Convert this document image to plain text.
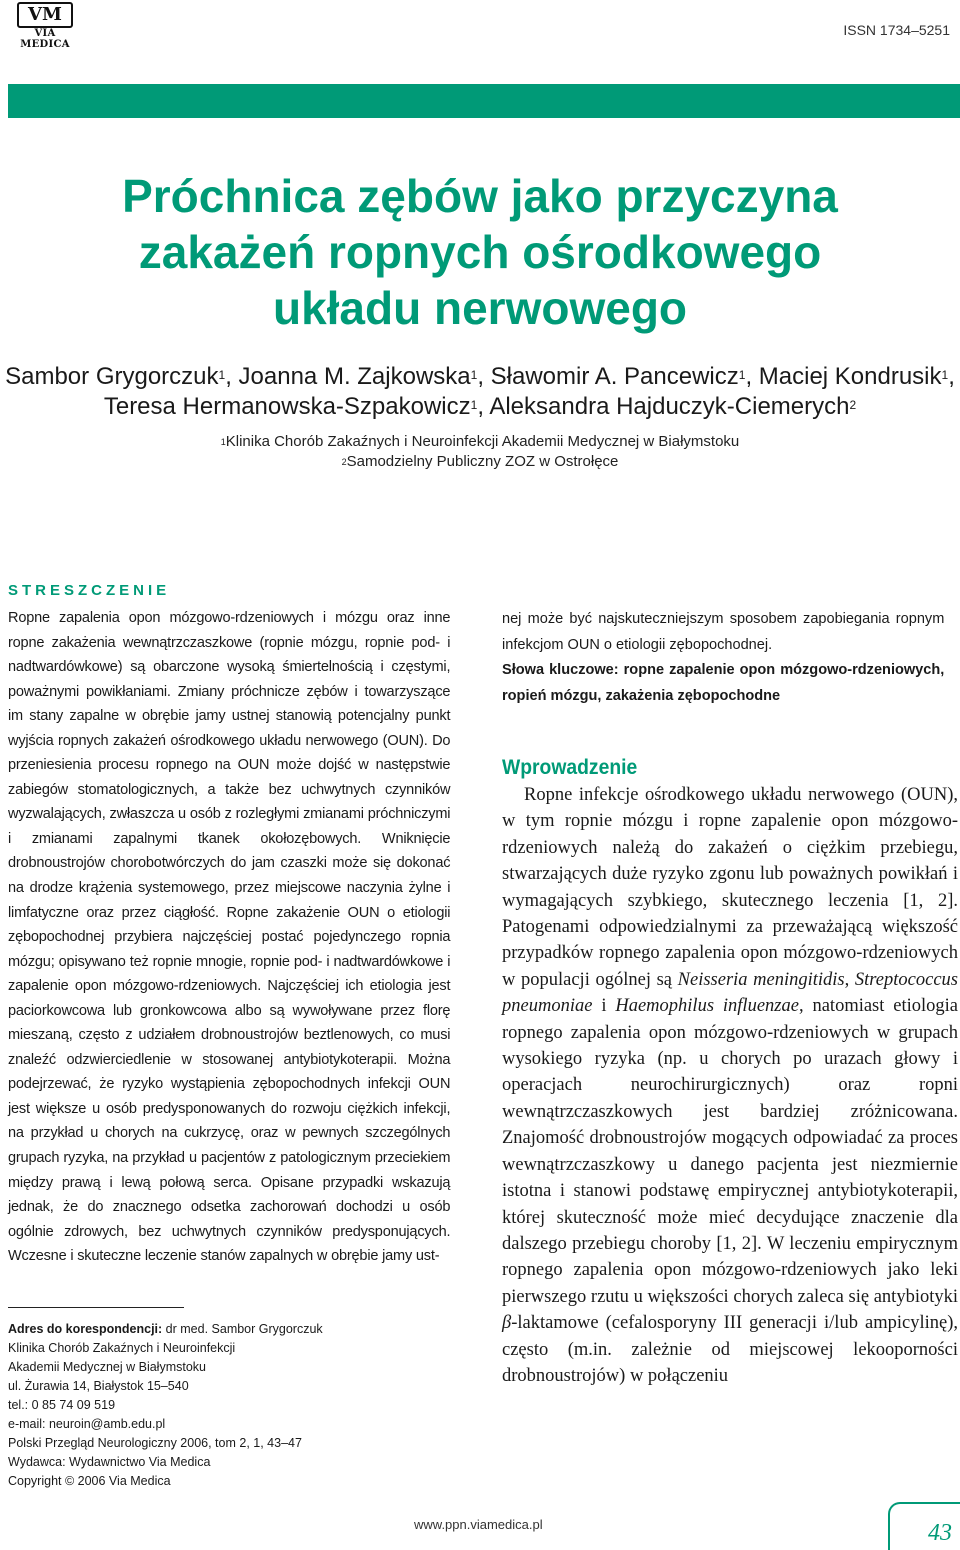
VM
VIA MEDICA
ISSN 1734–5251
Próchnica zębów jako przyczyna
zakażeń ropnych ośrodkowego
układu nerwowego
Sambor Grygorczuk$^1$, Joanna M. Zajkowska$^1$, Sławomir A. Pancewicz$^1$, Maciej Kondrusik$^1$,
Teresa Hermanowska-Szpakowicz$^1$, Aleksandra Hajduczyk-Ciemerych$^2$
$^1$Klinika Chorób Zakaźnych i Neuroinfekcji Akademii Medycznej w Białymstoku
$^2$Samodzielny Publiczny ZOZ w Ostrołęce
STRESZCZENIE
Ropne zapalenia opon mózgowo-rdzeniowych i mózgu oraz inne ropne zakażenia wewnątrzczaszkowe (ropnie mózgu, ropnie pod- i nadtwardówkowe) są obarczone wysoką śmiertelnością i częstymi, poważnymi powikłaniami. Zmiany próchnicze zębów i towarzyszące im stany zapalne w obrębie jamy ustnej stanowią potencjalny punkt wyjścia ropnych zakażeń ośrodkowego układu nerwowego (OUN). Do przeniesienia procesu ropnego na OUN może dojść w następstwie zabiegów stomatologicznych, a także bez uchwytnych czynników wyzwalających, zwłaszcza u osób z rozległymi zmianami próchniczymi i zmianami zapalnymi tkanek okołozębowych. Wniknięcie drobnoustrojów chorobotwórczych do jam czaszki może się dokonać na drodze krążenia systemowego, przez miejscowe naczynia żylne i limfatyczne oraz przez ciągłość. Ropne zakażenie OUN o etiologii zębopochodnej przybiera najczęściej postać pojedynczego ropnia mózgu; opisywano też ropnie mnogie, ropnie pod- i nadtwardówkowe i zapalenie opon mózgowo-rdzeniowych. Najczęściej ich etiologia jest paciorkowcowa lub gronkowcowa albo są wywoływane przez florę mieszaną, często z udziałem drobnoustrojów beztlenowych, co musi znaleźć odzwierciedlenie w stosowanej antybiotykoterapii. Można podejrzewać, że ryzyko wystąpienia zębopochodnych infekcji OUN jest większe u osób predysponowanych do rozwoju ciężkich infekcji, na przykład u chorych na cukrzycę, oraz w pewnych szczególnych grupach ryzyka, na przykład u pacjentów z patologicznym przeciekiem między prawą i lewą połową serca. Opisane przypadki wskazują jednak, że do znacznego odsetka zachorowań dochodzi u osób ogólnie zdrowych, bez uchwytnych czynników predysponujących. Wczesne i skuteczne leczenie stanów zapalnych w obrębie jamy ust-
nej może być najskuteczniejszym sposobem zapobiegania ropnym infekcjom OUN o etiologii zębopochodnej.
Słowa kluczowe: ropne zapalenie opon mózgowo-rdzeniowych, ropień mózgu, zakażenia zębopochodne
Wprowadzenie
Ropne infekcje ośrodkowego układu nerwowego (OUN), w tym ropnie mózgu i ropne zapalenie opon mózgowo-rdzeniowych należą do zakażeń o ciężkim przebiegu, stwarzających duże ryzyko zgonu lub poważnych powikłań i wymagających szybkiego, skutecznego leczenia [1, 2]. Patogenami odpowiedzialnymi za przeważającą większość przypadków ropnego zapalenia opon mózgowo-rdzeniowych w populacji ogólnej są Neisseria meningitidis, Streptococcus pneumoniae i Haemophilus influenzae, natomiast etiologia ropnego zapalenia opon mózgowo-rdzeniowych w grupach wysokiego ryzyka (np. u chorych po urazach głowy i operacjach neurochirurgicznych) oraz ropni wewnątrzczaszkowych jest bardziej zróżnicowana. Znajomość drobnoustrojów mogących odpowiadać za proces wewnątrzczaszkowy u danego pacjenta jest niezmiernie istotna i stanowi podstawę empirycznej antybiotykoterapii, której skuteczność może mieć decydujące znaczenie dla dalszego przebiegu choroby [1, 2]. W leczeniu empirycznym ropnego zapalenia opon mózgowo-rdzeniowych jako leki pierwszego rzutu u większości chorych zaleca się antybiotyki β-laktamowe (cefalosporyny III generacji i/lub ampicylinę), często (m.in. zależnie od miejscowej lekooporności drobnoustrojów) w połączeniu
Adres do korespondencji: dr med. Sambor Grygorczuk
Klinika Chorób Zakaźnych i Neuroinfekcji
Akademii Medycznej w Białymstoku
ul. Żurawia 14, Białystok 15–540
tel.: 0 85 74 09 519
e-mail: neuroin@amb.edu.pl
Polski Przegląd Neurologiczny 2006, tom 2, 1, 43–47
Wydawca: Wydawnictwo Via Medica
Copyright © 2006 Via Medica
www.ppn.viamedica.pl	43
